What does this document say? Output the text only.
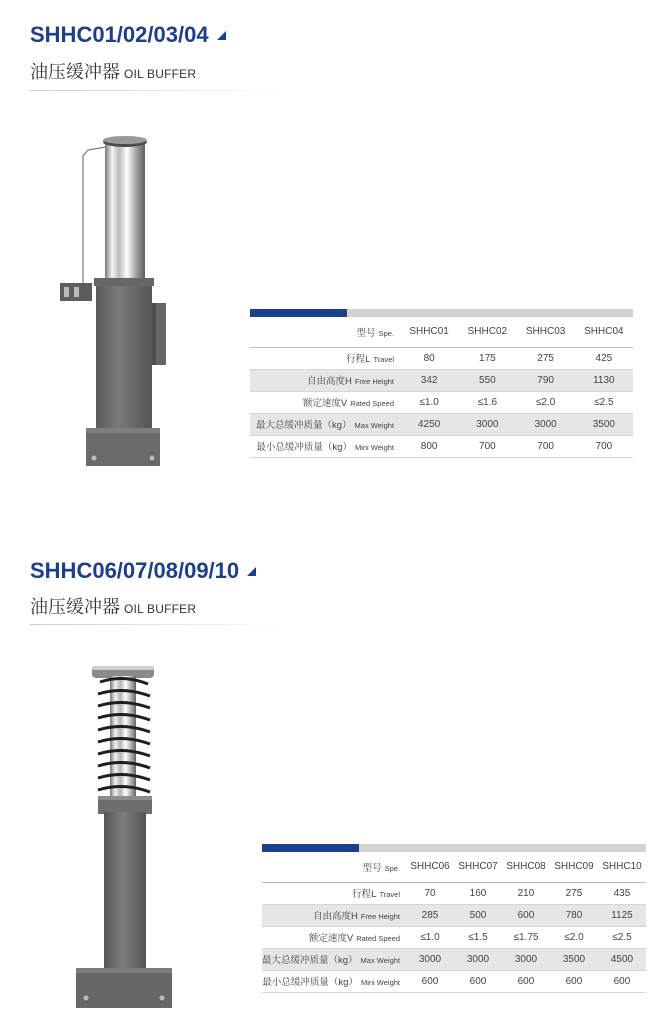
SHHC01/02/03/04
油压缓冲器 OIL BUFFER
型号 Spe.	SHHC01	SHHC02	SHHC03	SHHC04
行程L Travel	80	175	275	425
自由高度H Free Height	342	550	790	1130
额定速度V Rated Speed	≤1.0	≤1.6	≤2.0	≤2.5
最大总缓冲质量（kg） Max Weight	4250	3000	3000	3500
最小总缓冲质量（kg） Mini Weight	800	700	700	700
SHHC06/07/08/09/10
油压缓冲器 OIL BUFFER
型号 Spe.	SHHC06	SHHC07	SHHC08	SHHC09	SHHC10
行程L Travel	70	160	210	275	435
自由高度H Free Height	285	500	600	780	1125
额定速度V Rated Speed	≤1.0	≤1.5	≤1.75	≤2.0	≤2.5
最大总缓冲质量（kg） Max Weight	3000	3000	3000	3500	4500
最小总缓冲质量（kg） Mini Weight	600	600	600	600	600
